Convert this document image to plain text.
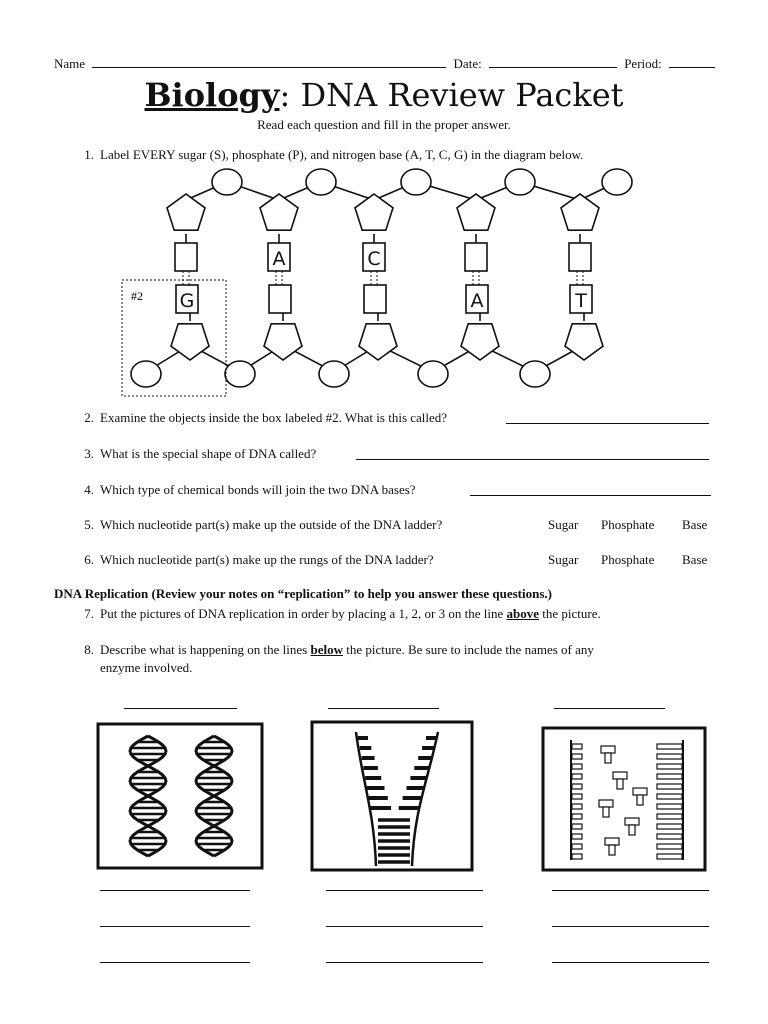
Name	Date:	Period:
Biology: DNA Review Packet
Read each question and fill in the proper answer.
1. Label EVERY sugar (S), phosphate (P), and nitrogen base (A, T, C, G) in the diagram below.
G
A	C
A	T
#2
2. Examine the objects inside the box labeled #2. What is this called?
3. What is the special shape of DNA called?
4. Which type of chemical bonds will join the two DNA bases?
5. Which nucleotide part(s) make up the outside of the DNA ladder?	Sugar Phosphate Base
6. Which nucleotide part(s) make up the rungs of the DNA ladder?	Sugar Phosphate Base
DNA Replication (Review your notes on “replication” to help you answer these questions.)
7. Put the pictures of DNA replication in order by placing a 1, 2, or 3 on the line above the picture.
8. Describe what is happening on the lines below the picture. Be sure to include the names of any
enzyme involved.
